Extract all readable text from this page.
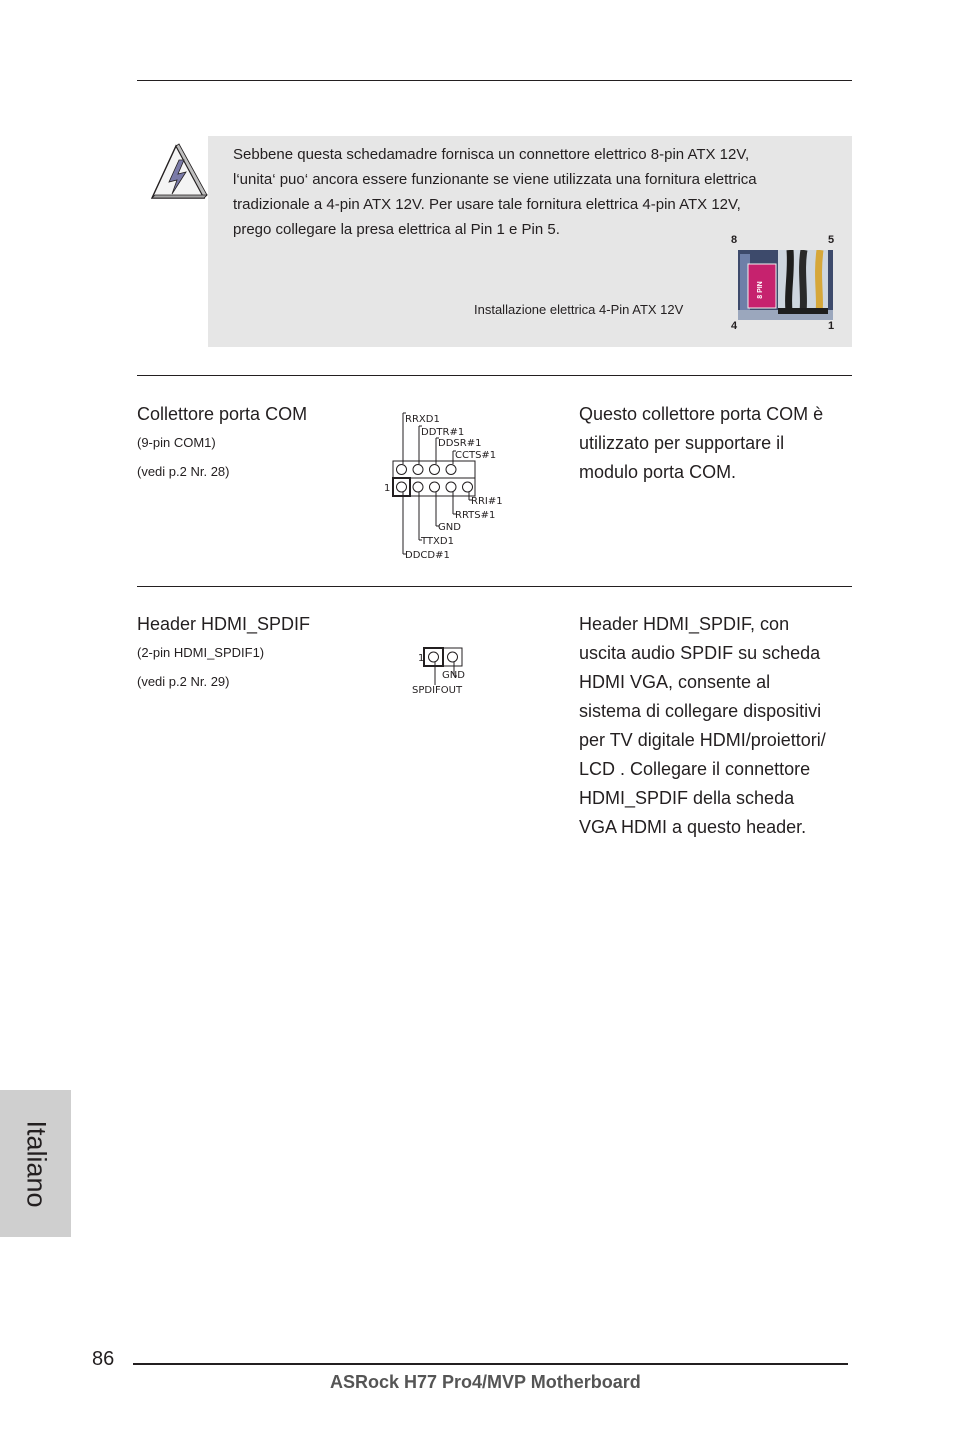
Sebbene questa schedamadre fornisca un connettore elettrico 8-pin ATX 12V,
l‘unita‘ puo‘ ancora essere funzionante se viene utilizzata una fornitura elettrica
tradizionale a 4-pin ATX 12V. Per usare tale fornitura elettrica 4-pin ATX 12V,
prego collegare la presa elettrica al Pin 1 e Pin 5.
Installazione elettrica 4-Pin ATX 12V
8	5
4	1
8 PIN
Collettore porta COM
(9-pin COM1)
(vedi p.2 Nr. 28)
Questo collettore porta COM è
utilizzato per supportare il
modulo porta COM.
1
RRXD1
DDTR#1
DDSR#1
CCTS#1
RRI#1
RRTS#1
GND
TTXD1
DDCD#1
Header HDMI_SPDIF
(2-pin HDMI_SPDIF1)
(vedi p.2 Nr. 29)
Header HDMI_SPDIF, con
uscita audio SPDIF su scheda
HDMI VGA, consente al
sistema di collegare dispositivi
per TV digitale HDMI/proiettori/
LCD . Collegare il connettore
HDMI_SPDIF della scheda
VGA HDMI a questo header.
1
GND
SPDIFOUT
Italiano
86
ASRock H77 Pro4/MVP Motherboard
